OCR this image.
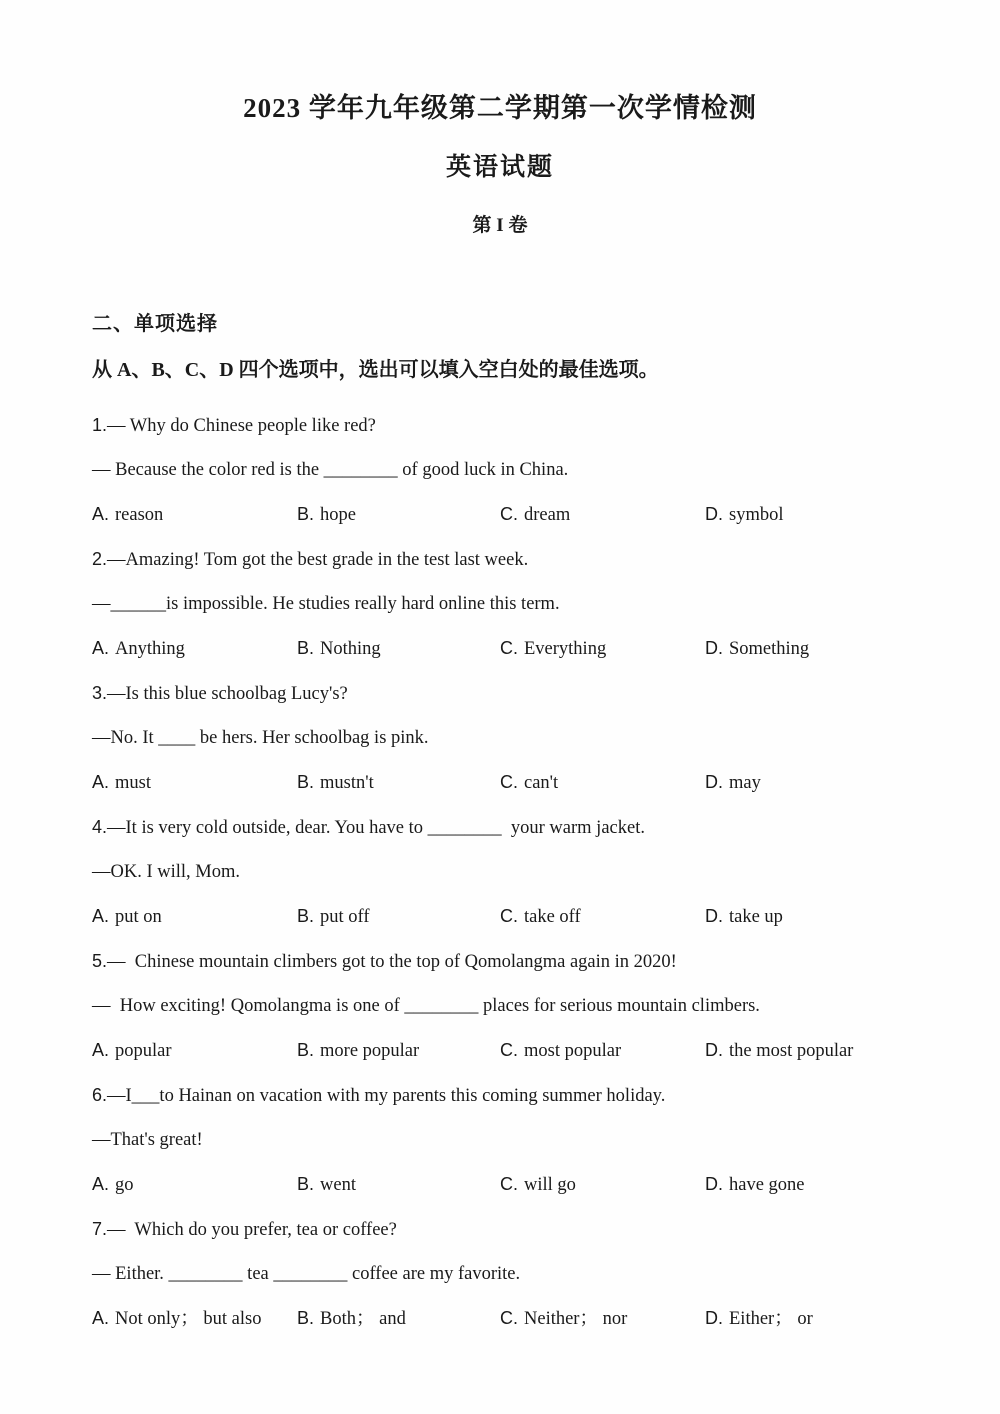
2023 学年九年级第二学期第一次学情检测
英语试题
第 I 卷

二、单项选择

从 A、B、C、D 四个选项中，选出可以填入空白处的最佳选项。

1.— Why do Chinese people like red?

— Because the color red is the ________ of good luck in China.

A. reason	B. hope	C. dream	D. symbol

2.—Amazing! Tom got the best grade in the test last week.

—______is impossible. He studies really hard online this term.

A. Anything	B. Nothing	C. Everything	D. Something

3.—Is this blue schoolbag Lucy's?

—No. It ____ be hers. Her schoolbag is pink.

A. must	B. mustn't	C. can't	D. may

4.—It is very cold outside, dear. You have to ________  your warm jacket.

—OK. I will, Mom.

A. put on	B. put off	C. take off	D. take up

5.—  Chinese mountain climbers got to the top of Qomolangma again in 2020!

—  How exciting! Qomolangma is one of ________ places for serious mountain climbers.

A. popular	B. more popular	C. most popular	D. the most popular

6.—I___to Hainan on vacation with my parents this coming summer holiday.

—That's great!

A. go	B. went	C. will go	D. have gone

7.—  Which do you prefer, tea or coffee?

— Either. ________ tea ________ coffee are my favorite.

A. Not only； but also	B. Both； and	C. Neither； nor	D. Either； or
